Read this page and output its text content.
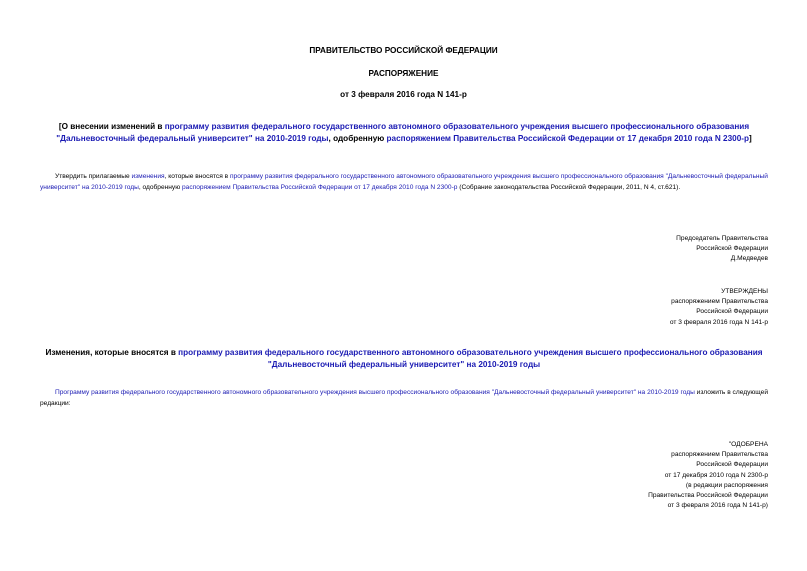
ПРАВИТЕЛЬСТВО РОССИЙСКОЙ ФЕДЕРАЦИИ
РАСПОРЯЖЕНИЕ
от 3 февраля 2016 года N 141-р
[О внесении изменений в программу развития федерального государственного автономного образовательного учреждения высшего профессионального образования "Дальневосточный федеральный университет" на 2010-2019 годы, одобренную распоряжением Правительства Российской Федерации от 17 декабря 2010 года N 2300-р]
Утвердить прилагаемые изменения, которые вносятся в программу развития федерального государственного автономного образовательного учреждения высшего профессионального образования "Дальневосточный федеральный университет" на 2010-2019 годы, одобренную распоряжением Правительства Российской Федерации от 17 декабря 2010 года N 2300-р (Собрание законодательства Российской Федерации, 2011, N 4, ст.621).
Председатель Правительства
Российской Федерации
Д.Медведев
УТВЕРЖДЕНЫ
распоряжением Правительства
Российской Федерации
от 3 февраля 2016 года N 141-р
Изменения, которые вносятся в программу развития федерального государственного автономного образовательного учреждения высшего профессионального образования "Дальневосточный федеральный университет" на 2010-2019 годы
Программу развития федерального государственного автономного образовательного учреждения высшего профессионального образования "Дальневосточный федеральный университет" на 2010-2019 годы изложить в следующей редакции:
"ОДОБРЕНА
распоряжением Правительства
Российской Федерации
от 17 декабря 2010 года N 2300-р
(в редакции распоряжения
Правительства Российской Федерации
от 3 февраля 2016 года N 141-р)
